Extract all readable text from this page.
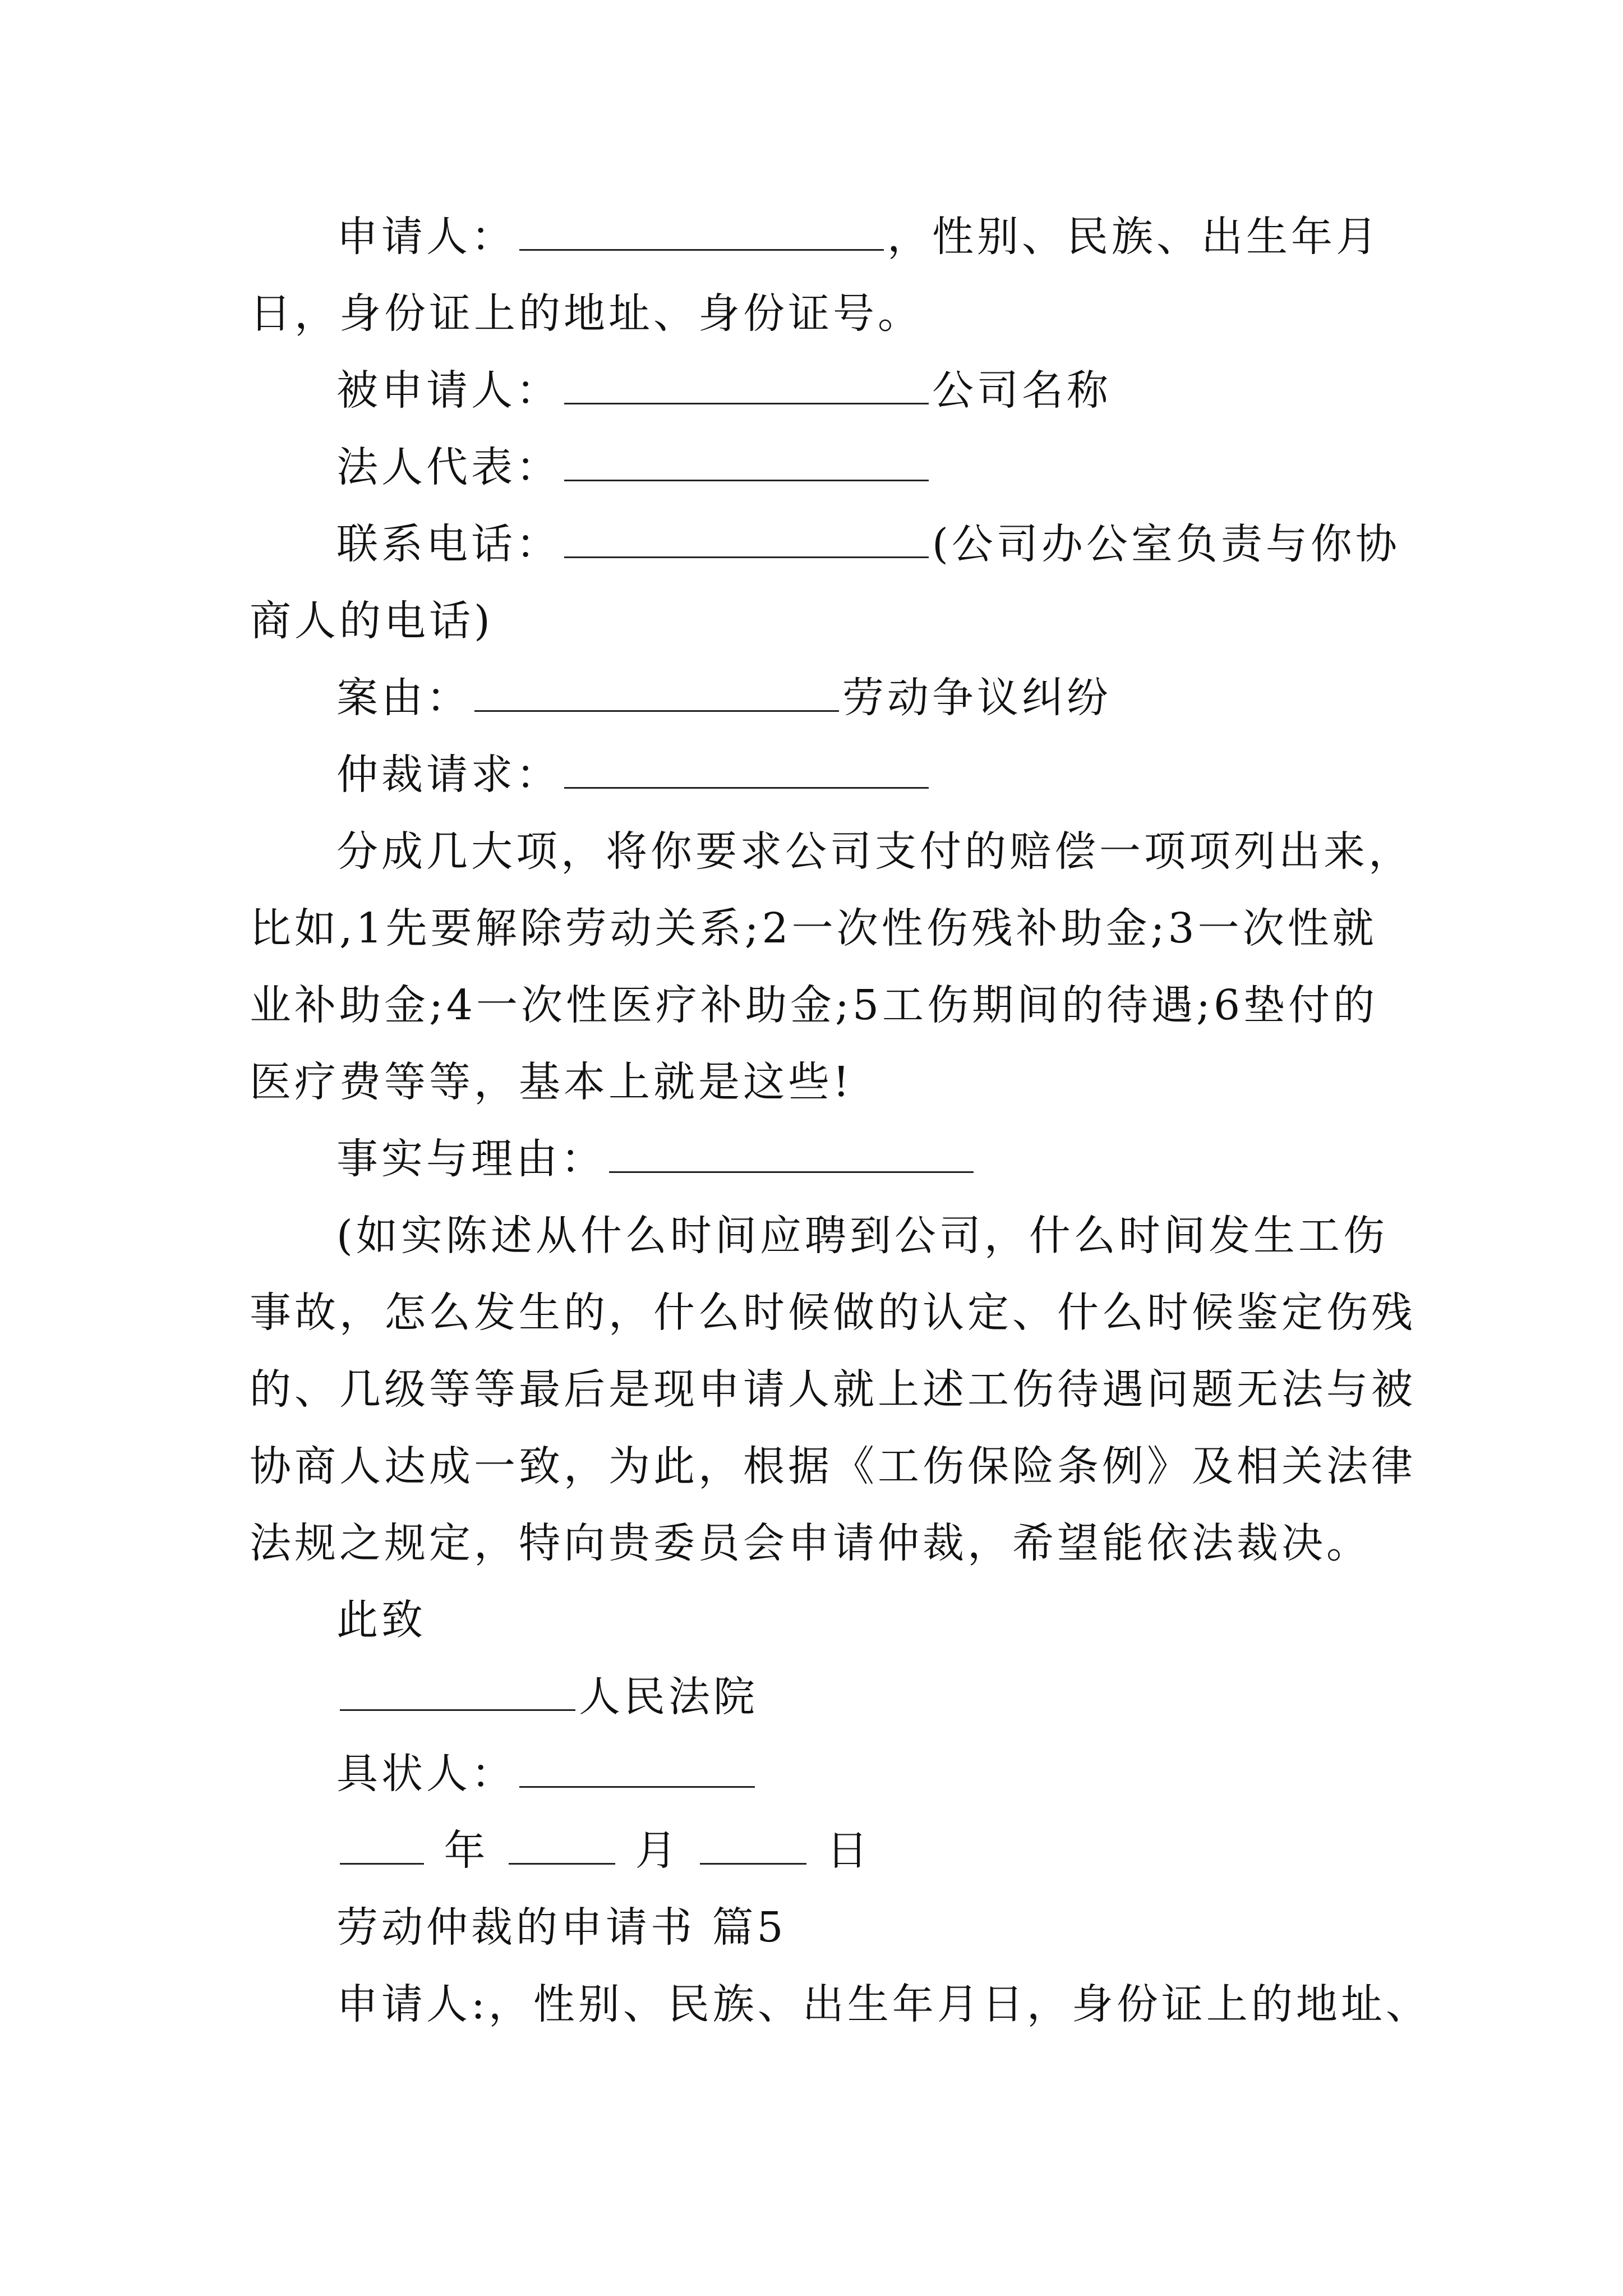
申请人：	，性别、民族、出生年月
日，身份证上的地址、身份证号。
被申请人：	公司名称
法人代表：
联系电话：	(公司办公室负责与你协
商人的电话)
案由：	劳动争议纠纷
仲裁请求：
分成几大项，将你要求公司支付的赔偿一项项列出来，
比如,1先要解除劳动关系;2一次性伤残补助金;3一次性就
业补助金;4一次性医疗补助金;5工伤期间的待遇;6垫付的
医疗费等等，基本上就是这些!
事实与理由：
(如实陈述从什么时间应聘到公司，什么时间发生工伤
事故，怎么发生的，什么时候做的认定、什么时候鉴定伤残
的、几级等等最后是现申请人就上述工伤待遇问题无法与被
协商人达成一致，为此，根据《工伤保险条例》及相关法律
法规之规定，特向贵委员会申请仲裁，希望能依法裁决。
此致
人民法院
具状人：
年	月	日
劳动仲裁的申请书 篇5
申请人:，性别、民族、出生年月日，身份证上的地址、
